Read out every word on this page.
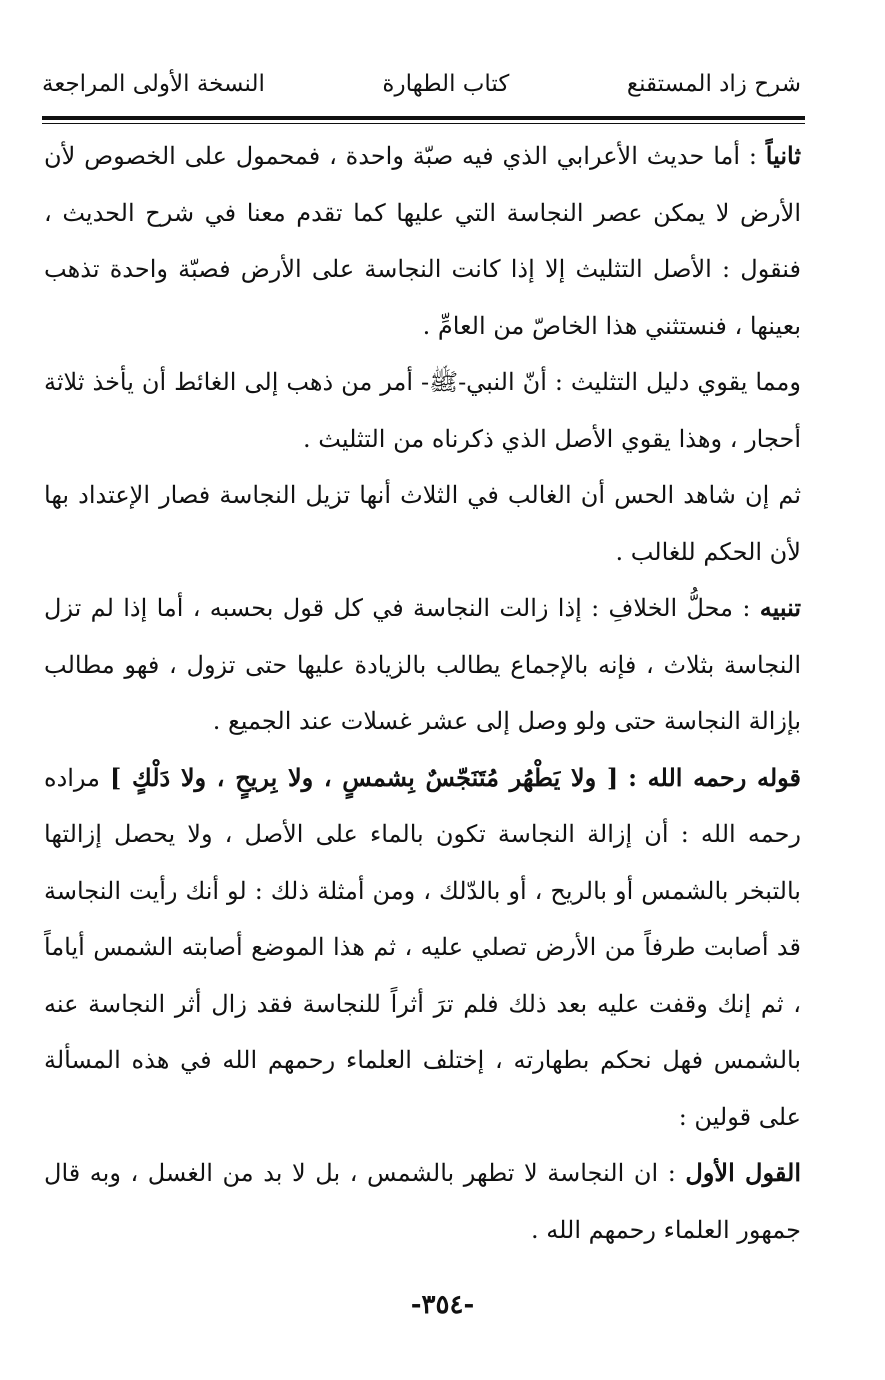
شرح زاد المستقنع
كتاب الطهارة
النسخة الأولى المراجعة

ثانياً : أما حديث الأعرابي الذي فيه صبّة واحدة ، فمحمول على الخصوص لأن الأرض لا يمكن عصر النجاسة التي عليها كما تقدم معنا في شرح الحديث ، فنقول : الأصل التثليث إلا إذا كانت النجاسة على الأرض فصبّة واحدة تذهب بعينها ، فنستثني هذا الخاصّ من العامِّ .

ومما يقوي دليل التثليث : أنّ النبي-ﷺ- أمر من ذهب إلى الغائط أن يأخذ ثلاثة أحجار ، وهذا يقوي الأصل الذي ذكرناه من التثليث .

ثم إن شاهد الحس أن الغالب في الثلاث أنها تزيل النجاسة فصار الإعتداد بها لأن الحكم للغالب .

تنبيه : محلُّ الخلافِ : إذا زالت النجاسة في كل قول بحسبه ، أما إذا لم تزل النجاسة بثلاث ، فإنه بالإجماع يطالب بالزيادة عليها حتى تزول ، فهو مطالب بإزالة النجاسة حتى ولو وصل إلى عشر غسلات عند الجميع .

قوله رحمه الله : [ ولا يَطْهُر مُتَنَجّسٌ بِشمسٍ ، ولا بِريحٍ ، ولا دَلْكٍ ] مراده رحمه الله : أن إزالة النجاسة تكون بالماء على الأصل ، ولا يحصل إزالتها بالتبخر بالشمس أو بالريح ، أو بالدّلك ، ومن أمثلة ذلك : لو أنك رأيت النجاسة قد أصابت طرفاً من الأرض تصلي عليه ، ثم هذا الموضع أصابته الشمس أياماً ، ثم إنك وقفت عليه بعد ذلك فلم ترَ أثراً للنجاسة فقد زال أثر النجاسة عنه بالشمس فهل نحكم بطهارته ، إختلف العلماء رحمهم الله في هذه المسألة على قولين :

القول الأول : ان النجاسة لا تطهر بالشمس ، بل لا بد من الغسل ، وبه قال جمهور العلماء رحمهم الله .

-٣٥٤-
